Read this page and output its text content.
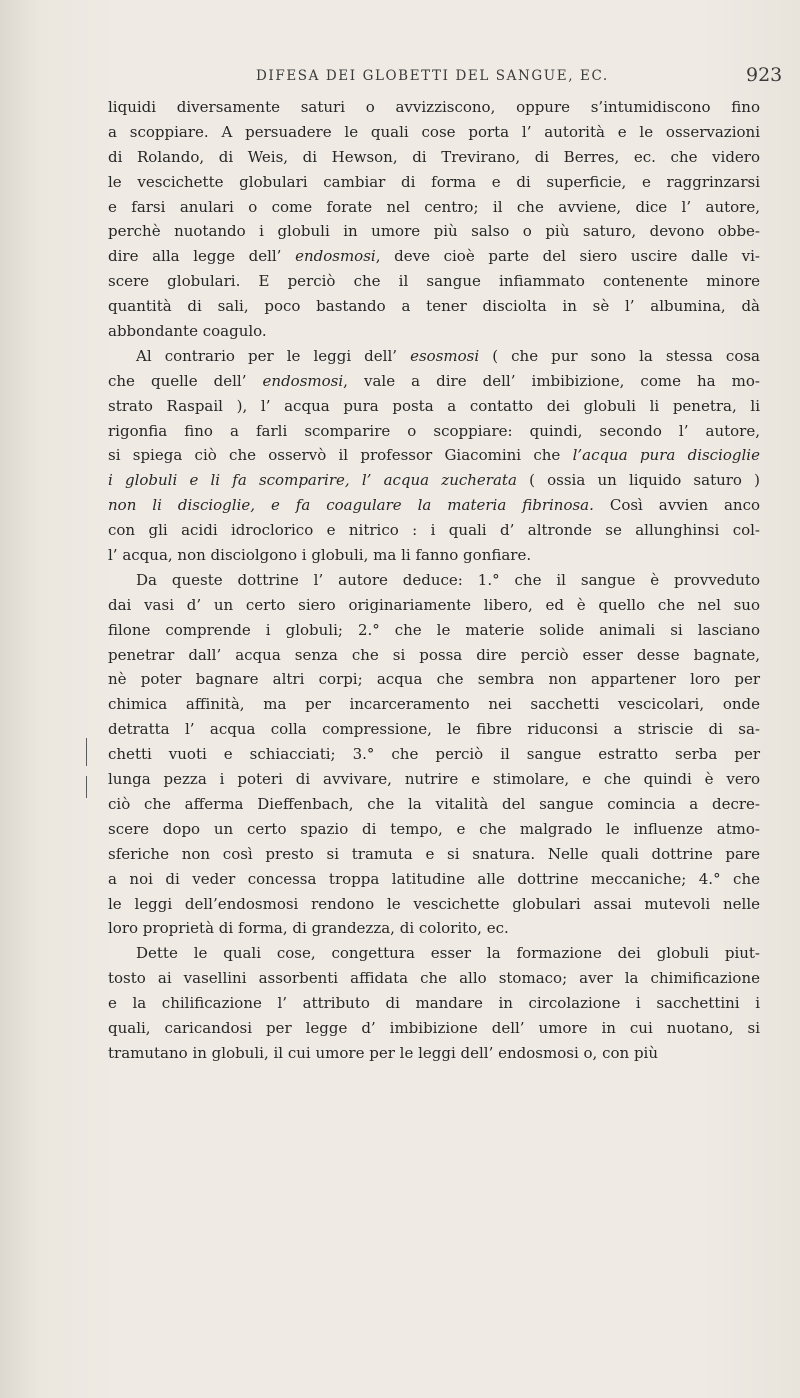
DIFESA DEI GLOBETTI DEL SANGUE, EC.	923
liquidi diversamente saturi o avvizziscono, oppure s’intumidiscono fino
a scoppiare. A persuadere le quali cose porta l’ autorità e le osservazioni
di Rolando, di Weis, di Hewson, di Treviranо, di Berres, ec. che videro
le vescichette globulari cambiar di forma e di superficie, e raggrinzarsi
e farsi anulari o come forate nel centro; il che avviene, dice l’ autore,
perchè nuotando i globuli in umore più salso o più saturo, devono obbe-
dire alla legge dell’ endosmosi, deve cioè parte del siero uscire dalle vi-
scere globulari. E perciò che il sangue infiammato contenente minore
quantità di sali, poco bastando a tener disciolta in sè l’ albumina, dà
abbondante coagulo.
Al contrario per le leggi dell’ esosmosi ( che pur sono la stessa cosa
che quelle dell’ endosmosi, vale a dire dell’ imbibizione, come ha mo-
strato Raspail ), l’ acqua pura posta a contatto dei globuli li penetra, li
rigonfia fino a farli scomparire o scoppiare: quindi, secondo l’ autore,
si spiega ciò che osservò il professor Giacomini che l’acqua pura discioglie
i globuli e li fa scomparire, l’ acqua zucherata ( ossia un liquido saturo )
non li discioglie, e fa coagulare la materia fibrinosa. Così avvien anco
con gli acidi idroclorico e nitrico : i quali d’ altronde se allunghinsi col-
l’ acqua, non disciolgono i globuli, ma li fanno gonfiare.
Da queste dottrine l’ autore deduce: 1.° che il sangue è provveduto
dai vasi d’ un certo siero originariamente libero, ed è quello che nel suo
filone comprende i globuli; 2.° che le materie solide animali si lasciano
penetrar dall’ acqua senza che si possa dire perciò esser desse bagnate,
nè poter bagnare altri corpi; acqua che sembra non appartener loro per
chimica affinità, ma per incarceramento nei sacchetti vescicolari, onde
detratta l’ acqua colla compressione, le fibre riduconsi a striscie di sa-
chetti vuoti e schiacciati; 3.° che perciò il sangue estratto serba per
lunga pezza i poteri di avvivare, nutrire e stimolare, e che quindi è vero
ciò che afferma Dieffenbach, che la vitalità del sangue comincia a decre-
scere dopo un certo spazio di tempo, e che malgrado le influenze atmo-
sferiche non così presto si tramuta e si snatura. Nelle quali dottrine pare
a noi di veder concessa troppa latitudine alle dottrine meccaniche; 4.° che
le leggi dell’endosmosi rendono le vescichette globulari assai mutevoli nelle
loro proprietà di forma, di grandezza, di colorito, ec.
Dette le quali cose, congettura esser la formazione dei globuli piut-
tosto ai vasellini assorbenti affidata che allo stomaco; aver la chimificazione
e la chilificazione l’ attributo di mandare in circolazione i sacchettini i
quali, caricandosi per legge d’ imbibizione dell’ umore in cui nuotano, si
tramutano in globuli, il cui umore per le leggi dell’ endosmosi o, con più
